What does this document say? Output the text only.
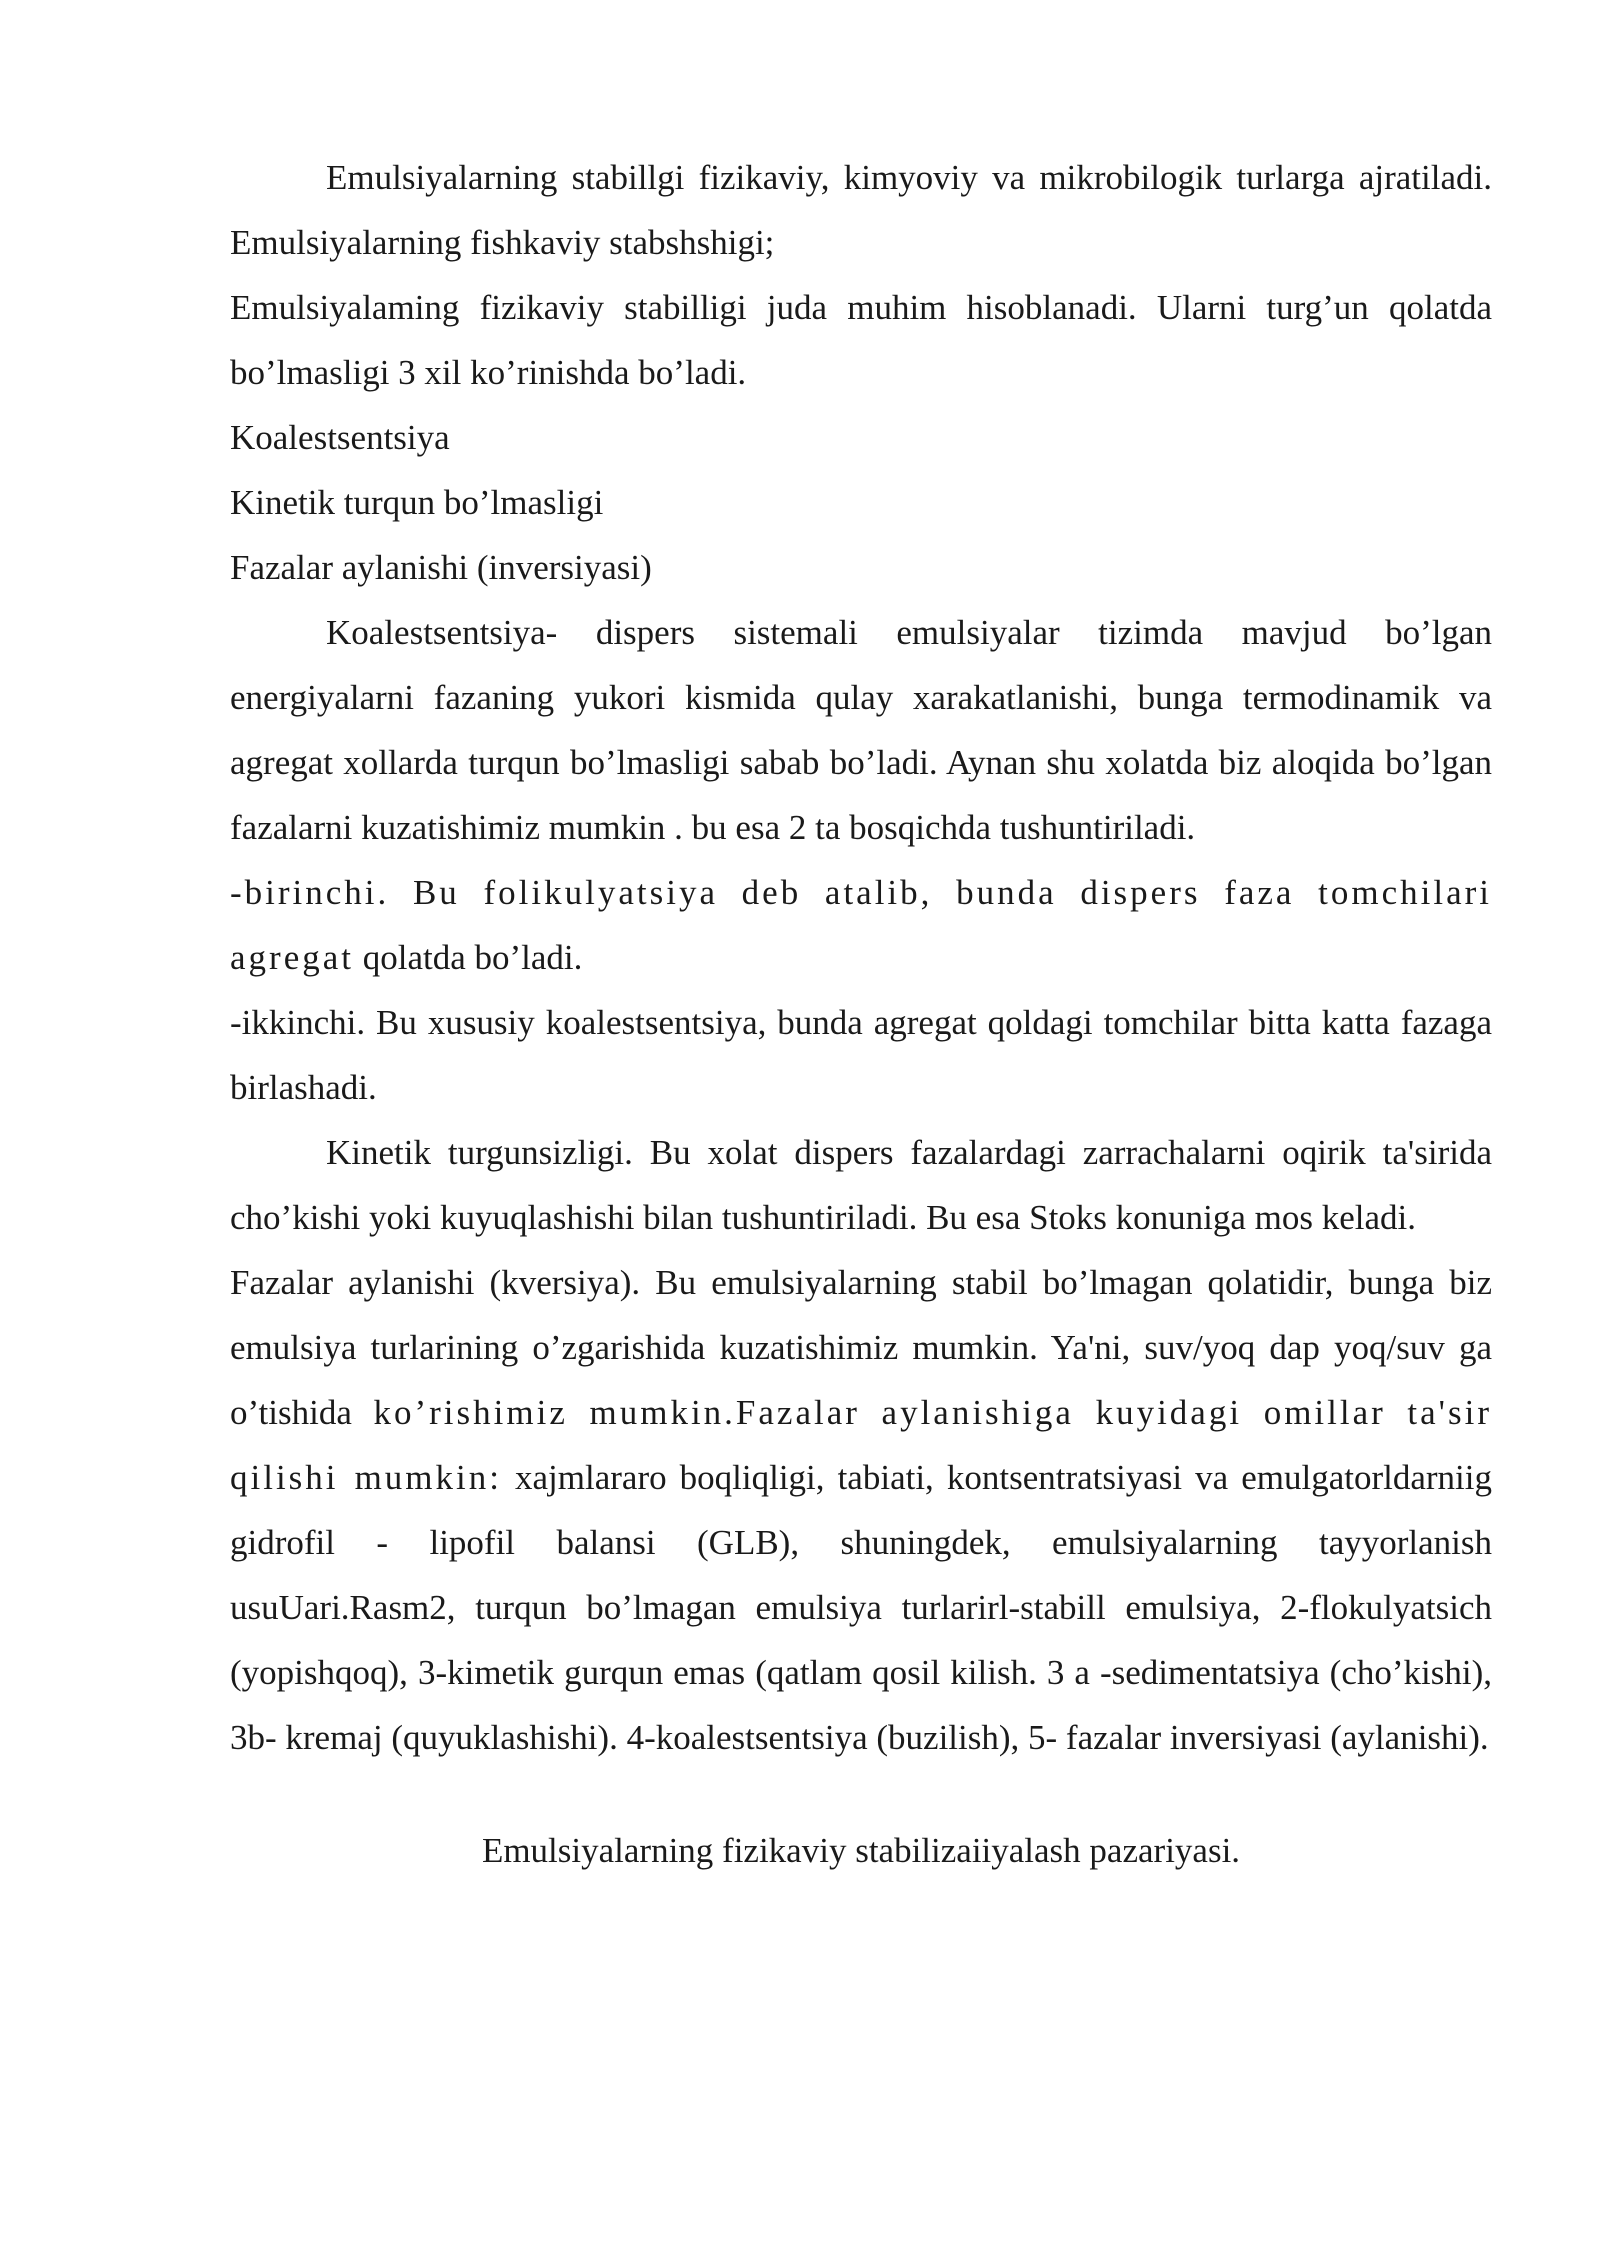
Emulsiyalarning stabillgi fizikaviy, kimyoviy va mikrobilogik turlarga ajratiladi. Emulsiyalarning fishkaviy stabshshigi;

Emulsiyalaming fizikaviy stabilligi juda muhim hisoblanadi. Ularni turg’un qolatda bo’lmasligi 3 xil ko’rinishda bo’ladi.

Koalestsentsiya
Kinetik turqun bo’lmasligi
Fazalar aylanishi (inversiyasi)

Koalestsentsiya- dispers sistemali emulsiyalar tizimda mavjud bo’lgan energiyalarni fazaning yukori kismida qulay xarakatlanishi, bunga termodinamik va agregat xollarda turqun bo’lmasligi sabab bo’ladi. Aynan shu xolatda biz aloqida bo’lgan fazalarni kuzatishimiz mumkin . bu esa 2 ta bosqichda tushuntiriladi.

-birinchi. Bu folikulyatsiya deb atalib, bunda dispers faza tomchilari agregat qolatda bo’ladi.

-ikkinchi. Bu xususiy koalestsentsiya, bunda agregat qoldagi tomchilar bitta katta fazaga birlashadi.

Kinetik turgunsizligi. Bu xolat dispers fazalardagi zarrachalarni oqirik ta'sirida cho’kishi yoki kuyuqlashishi bilan tushuntiriladi. Bu esa Stoks konuniga mos keladi.

Fazalar aylanishi (kversiya). Bu emulsiyalarning stabil bo’lmagan qolatidir, bunga biz emulsiya turlarining o’zgarishida kuzatishimiz mumkin. Ya'ni, suv/yoq dap yoq/suv ga o’tishida ko’rishimiz mumkin.Fazalar aylanishiga kuyidagi omillar ta'sir qilishi mumkin: xajmlararo boqliqligi, tabiati, kontsentratsiyasi va emulgatorldarniig gidrofil - lipofil balansi (GLB), shuningdek, emulsiyalarning tayyorlanish usuUari.Rasm2, turqun bo’lmagan emulsiya turlarirl-stabill emulsiya, 2-flokulyatsich (yopishqoq), 3-kimetik gurqun emas (qatlam qosil kilish. 3 a -sedimentatsiya (cho’kishi), 3b- kremaj (quyuklashishi). 4-koalestsentsiya (buzilish), 5- fazalar inversiyasi (aylanishi).

Emulsiyalarning fizikaviy stabilizaiiyalash pazariyasi.
